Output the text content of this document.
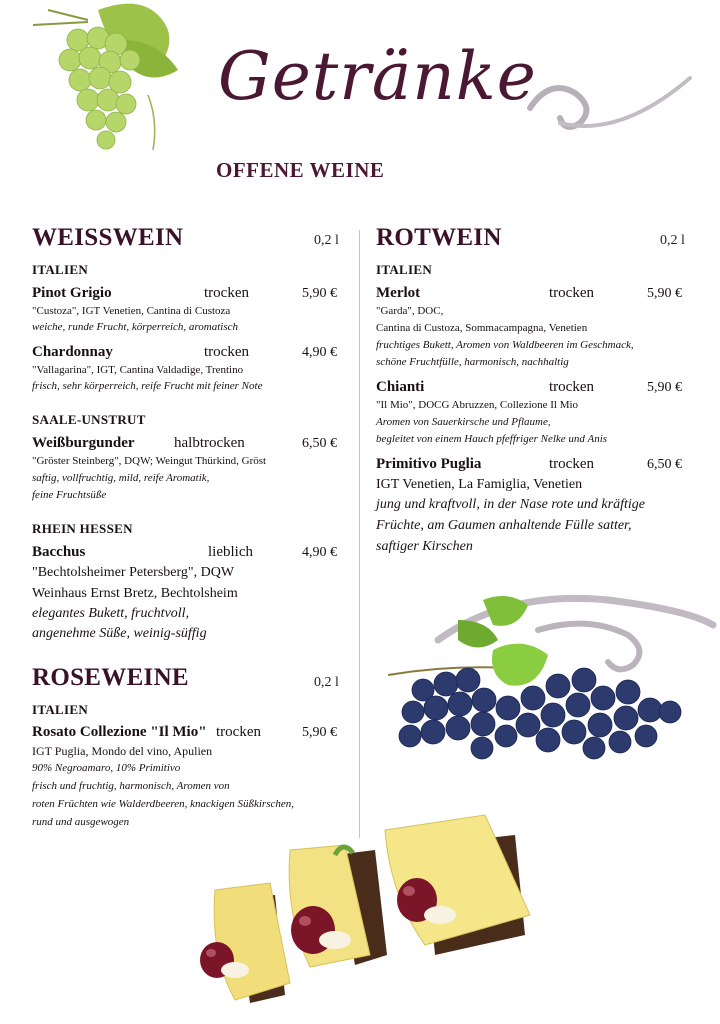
Getränke
OFFENE WEINE
WEISSWEIN	0,2 l
ITALIEN
Pinot Grigio	trocken	5,90 €
"Custoza", IGT Venetien, Cantina di Custoza
weiche, runde Frucht, körperreich, aromatisch
Chardonnay	trocken	4,90 €
"Vallagarina", IGT, Cantina Valdadige, Trentino
frisch, sehr körperreich, reife Frucht mit feiner Note
SAALE-UNSTRUT
Weißburgunder	halbtrocken	6,50 €
"Gröster Steinberg", DQW; Weingut Thürkind, Gröst
saftig, vollfruchtig, mild, reife Aromatik,
feine Fruchtsüße
RHEIN HESSEN
Bacchus	lieblich	4,90 €
"Bechtolsheimer Petersberg", DQW
Weinhaus Ernst Bretz, Bechtolsheim
elegantes Bukett, fruchtvoll,
angenehme Süße, weinig-süffig
ROSEWEINE	0,2 l
ITALIEN
Rosato Collezione "Il Mio" trocken	5,90 €
IGT Puglia, Mondo del vino, Apulien
90% Negroamaro, 10% Primitivo
frisch und fruchtig, harmonisch, Aromen von
roten Früchten wie Walderdbeeren, knackigen Süßkirschen,
rund und ausgewogen
ROTWEIN	0,2 l
ITALIEN
Merlot	trocken	5,90 €
"Garda", DOC,
Cantina di Custoza, Sommacampagna, Venetien
fruchtiges Bukett, Aromen von Waldbeeren im Geschmack,
schöne Fruchtfülle, harmonisch, nachhaltig
Chianti	trocken	5,90 €
"Il Mio", DOCG Abruzzen, Collezione Il Mio
Aromen von Sauerkirsche und Pflaume,
begleitet von einem Hauch pfeffriger Nelke und Anis
Primitivo Puglia	trocken	6,50 €
IGT Venetien, La Famiglia, Venetien
jung und kraftvoll, in der Nase rote und kräftige
Früchte, am Gaumen anhaltende Fülle satter,
saftiger Kirschen
